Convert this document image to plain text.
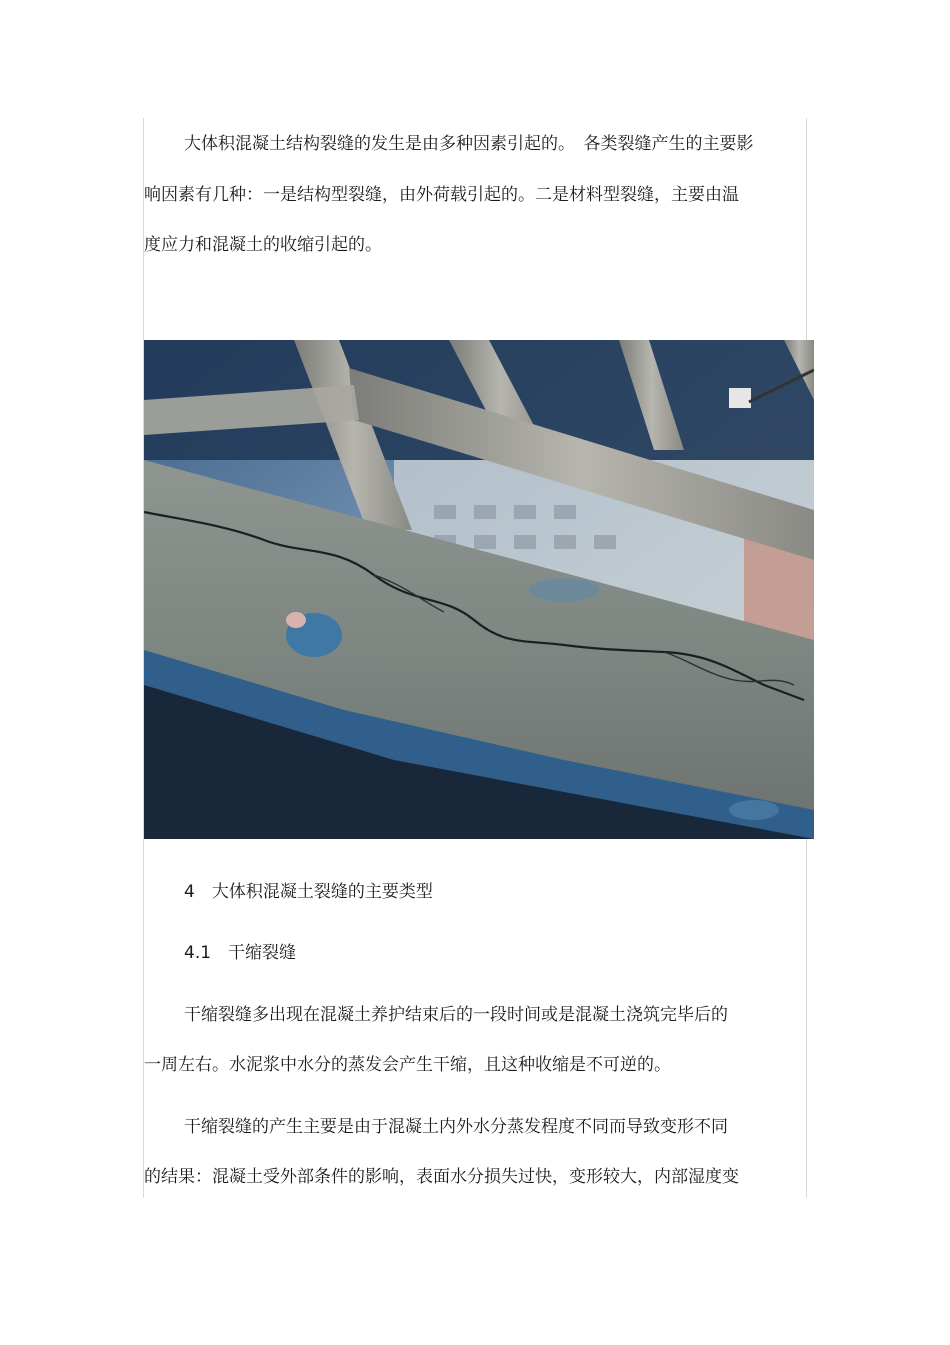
大体积混凝土结构裂缝的发生是由多种因素引起的。　各类裂缝产生的主要影
响因素有几种：一是结构型裂缝，由外荷载引起的。二是材料型裂缝，主要由温
度应力和混凝土的收缩引起的。
4　大体积混凝土裂缝的主要类型
4.1　干缩裂缝
干缩裂缝多出现在混凝土养护结束后的一段时间或是混凝土浇筑完毕后的
一周左右。水泥浆中水分的蒸发会产生干缩，且这种收缩是不可逆的。
干缩裂缝的产生主要是由于混凝土内外水分蒸发程度不同而导致变形不同
的结果：混凝土受外部条件的影响，表面水分损失过快，变形较大，内部湿度变
